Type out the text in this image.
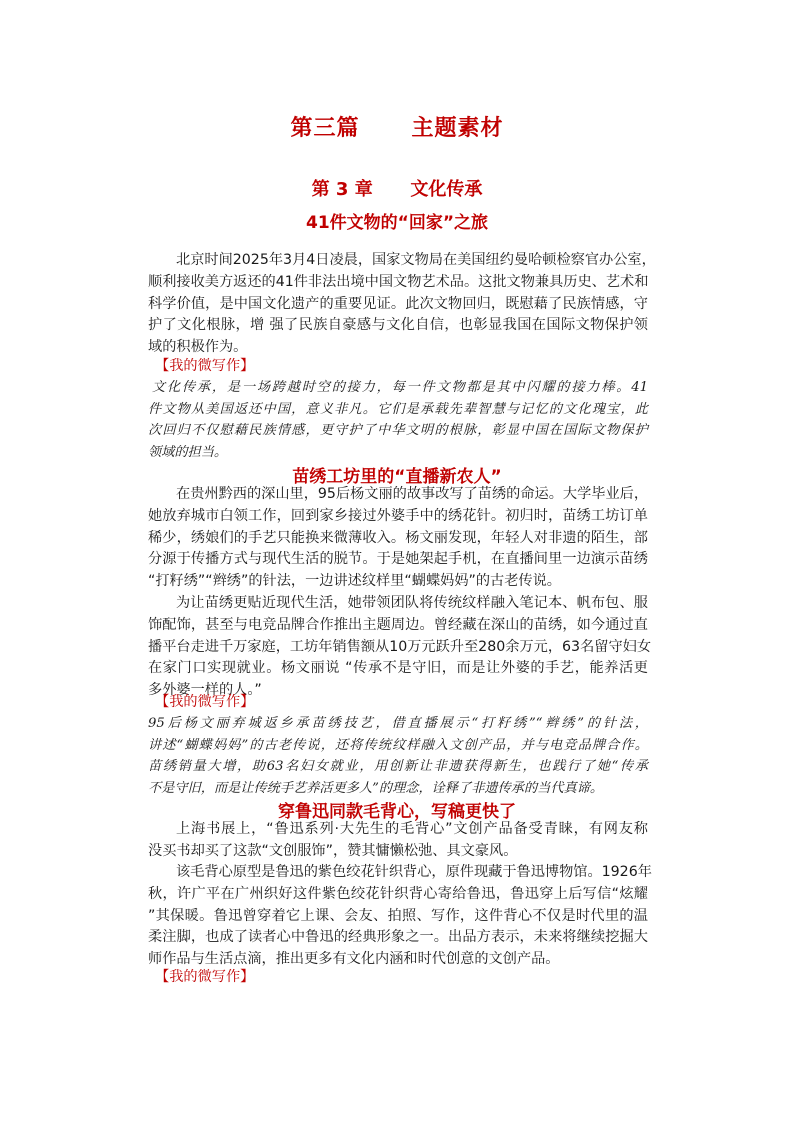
第三篇      主题素材
第 3 章      文化传承
41件文物的“回家”之旅
北京时间2025年3月4日凌晨，国家文物局在美国纽约曼哈顿检察官办公室，
顺利接收美方返还的41件非法出境中国文物艺术品。这批文物兼具历史、艺术和
科学价值，是中国文化遗产的重要见证。此次文物回归，既慰藉了民族情感，守
护了文化根脉，增 强了民族自豪感与文化自信，也彰显我国在国际文物保护领
域的积极作为。
【我的微写作】
文化传承，是一场跨越时空的接力，每一件文物都是其中闪耀的接力棒。41
件文物从美国返还中国，意义非凡。它们是承载先辈智慧与记忆的文化瑰宝，此
次回归不仅慰藉民族情感，更守护了中华文明的根脉，彰显中国在国际文物保护
领域的担当。
苗绣工坊里的“直播新农人”
在贵州黔西的深山里，95后杨文丽的故事改写了苗绣的命运。大学毕业后，
她放弃城市白领工作，回到家乡接过外婆手中的绣花针。初归时，苗绣工坊订单
稀少，绣娘们的手艺只能换来微薄收入。杨文丽发现，年轻人对非遗的陌生，部
分源于传播方式与现代生活的脱节。于是她架起手机，在直播间里一边演示苗绣
“打籽绣”“辫绣”的针法，一边讲述纹样里“蝴蝶妈妈”的古老传说。
为让苗绣更贴近现代生活，她带领团队将传统纹样融入笔记本、帆布包、服
饰配饰，甚至与电竞品牌合作推出主题周边。曾经藏在深山的苗绣，如今通过直
播平台走进千万家庭，工坊年销售额从10万元跃升至280余万元，63名留守妇女
在家门口实现就业。杨文丽说 “传承不是守旧，而是让外婆的手艺，能养活更
多外婆一样的人。”
【我的微写作】
95后杨文丽弃城返乡承苗绣技艺，借直播展示“打籽绣”“辫绣”的针法，
讲述“蝴蝶妈妈”的古老传说，还将传统纹样融入文创产品，并与电竞品牌合作。
苗绣销量大增，助63名妇女就业，用创新让非遗获得新生，也践行了她“传承
不是守旧，而是让传统手艺养活更多人”的理念，诠释了非遗传承的当代真谛。
穿鲁迅同款毛背心，写稿更快了
上海书展上，“鲁迅系列·大先生的毛背心”文创产品备受青睐，有网友称
没买书却买了这款“文创服饰”，赞其慵懒松弛、具文豪风。
该毛背心原型是鲁迅的紫色绞花针织背心，原件现藏于鲁迅博物馆。1926年
秋，许广平在广州织好这件紫色绞花针织背心寄给鲁迅，鲁迅穿上后写信“炫耀
”其保暖。鲁迅曾穿着它上课、会友、拍照、写作，这件背心不仅是时代里的温
柔注脚，也成了读者心中鲁迅的经典形象之一。出品方表示，未来将继续挖掘大
师作品与生活点滴，推出更多有文化内涵和时代创意的文创产品。
【我的微写作】
